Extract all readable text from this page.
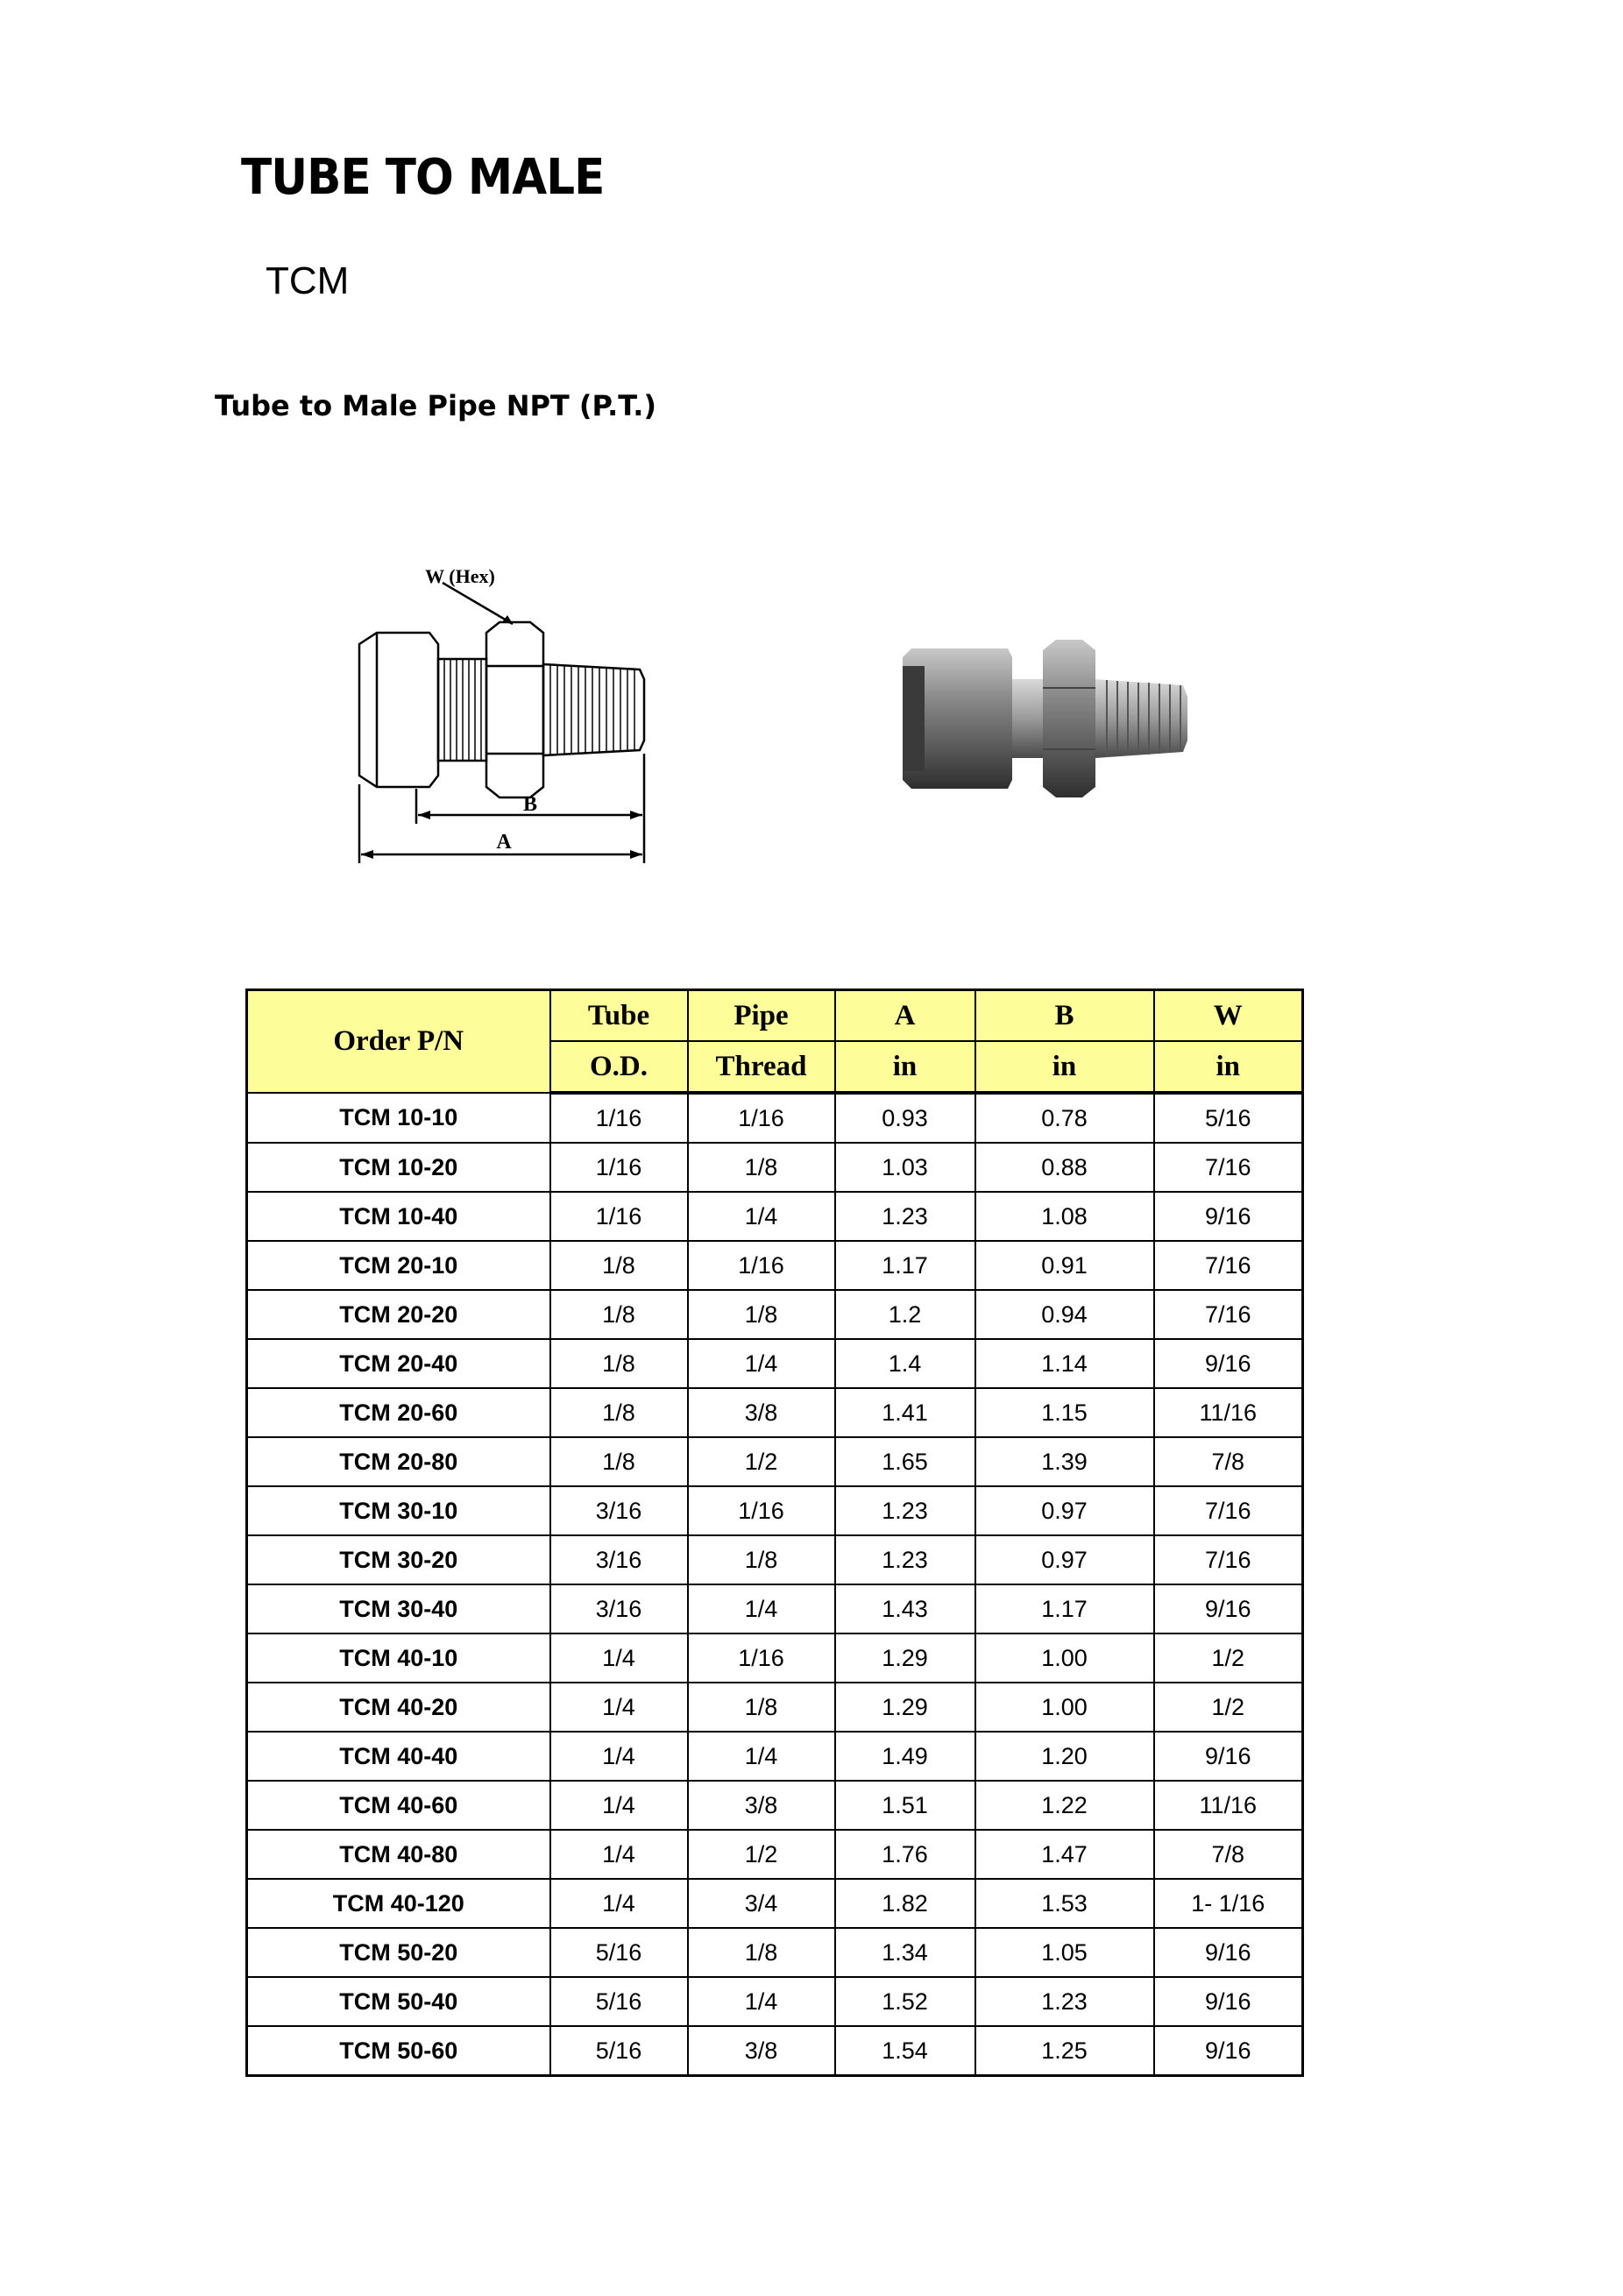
TUBE TO MALE
TCM
Tube to Male Pipe NPT (P.T.)
W (Hex)
B
A
Order P/N	Tube	Pipe	A	B	W
	O.D.	Thread	in	in	in
TCM 10-10	1/16	1/16	0.93	0.78	5/16
TCM 10-20	1/16	1/8	1.03	0.88	7/16
TCM 10-40	1/16	1/4	1.23	1.08	9/16
TCM 20-10	1/8	1/16	1.17	0.91	7/16
TCM 20-20	1/8	1/8	1.2	0.94	7/16
TCM 20-40	1/8	1/4	1.4	1.14	9/16
TCM 20-60	1/8	3/8	1.41	1.15	11/16
TCM 20-80	1/8	1/2	1.65	1.39	7/8
TCM 30-10	3/16	1/16	1.23	0.97	7/16
TCM 30-20	3/16	1/8	1.23	0.97	7/16
TCM 30-40	3/16	1/4	1.43	1.17	9/16
TCM 40-10	1/4	1/16	1.29	1.00	1/2
TCM 40-20	1/4	1/8	1.29	1.00	1/2
TCM 40-40	1/4	1/4	1.49	1.20	9/16
TCM 40-60	1/4	3/8	1.51	1.22	11/16
TCM 40-80	1/4	1/2	1.76	1.47	7/8
TCM 40-120	1/4	3/4	1.82	1.53	1- 1/16
TCM 50-20	5/16	1/8	1.34	1.05	9/16
TCM 50-40	5/16	1/4	1.52	1.23	9/16
TCM 50-60	5/16	3/8	1.54	1.25	9/16
